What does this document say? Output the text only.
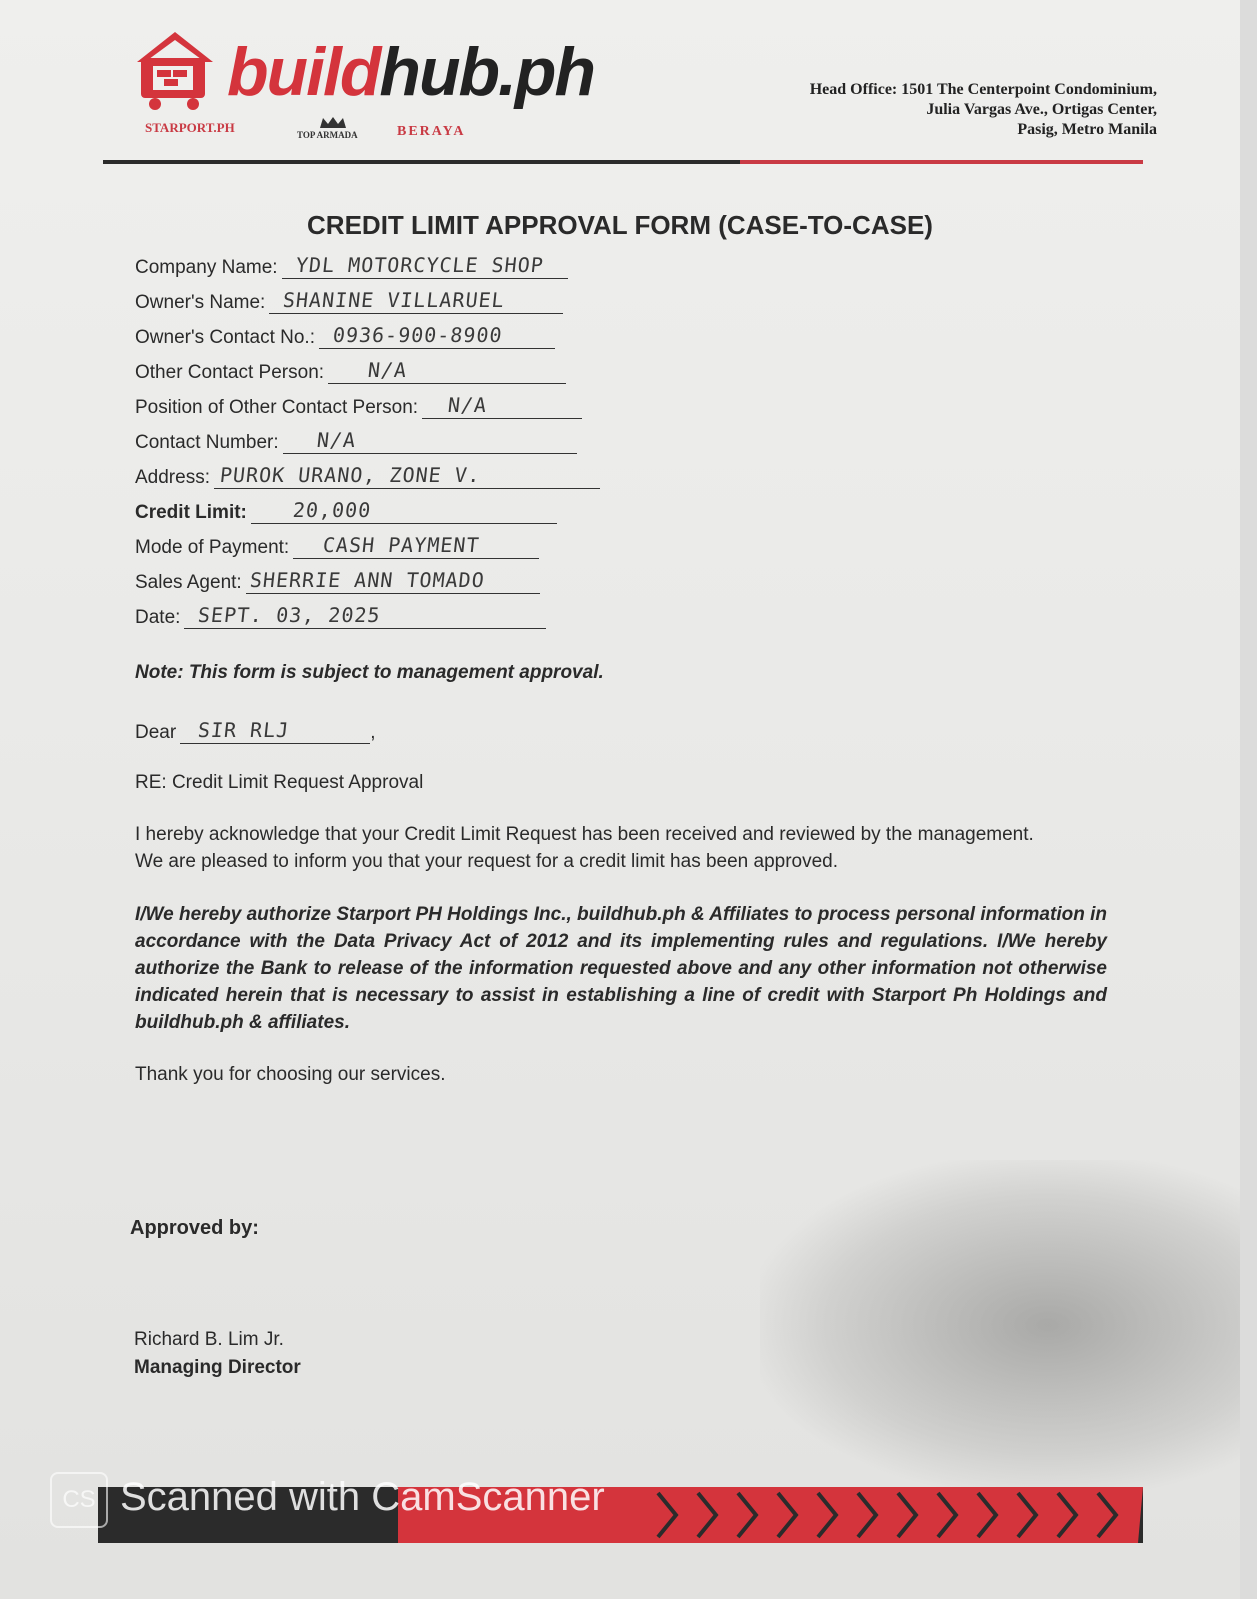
buildhub.ph
STARPORT.PH	TOP ARMADA	BERAYA
Head Office: 1501 The Centerpoint Condominium,
Julia Vargas Ave., Ortigas Center,
Pasig, Metro Manila
CREDIT LIMIT APPROVAL FORM (CASE-TO-CASE)
Company Name: YDL MOTORCYCLE SHOP
Owner's Name: SHANINE VILLARUEL
Owner's Contact No.: 0936-900-8900
Other Contact Person: N/A
Position of Other Contact Person: N/A
Contact Number: N/A
Address: PUROK URANO, ZONE V.
Credit Limit: 20,000
Mode of Payment: CASH PAYMENT
Sales Agent: SHERRIE ANN TOMADO
Date: SEPT. 03, 2025
Note: This form is subject to management approval.
Dear SIR RLJ	,
RE: Credit Limit Request Approval
I hereby acknowledge that your Credit Limit Request has been received and reviewed by the management.
We are pleased to inform you that your request for a credit limit has been approved.
I/We hereby authorize Starport PH Holdings Inc., buildhub.ph & Affiliates to process personal information in accordance with the Data Privacy Act of 2012 and its implementing rules and regulations. I/We hereby authorize the Bank to release of the information requested above and any other information not otherwise indicated herein that is necessary to assist in establishing a line of credit with Starport Ph Holdings and buildhub.ph & affiliates.
Thank you for choosing our services.
Approved by:
Richard B. Lim Jr.
Managing Director
CS Scanned with CamScanner
